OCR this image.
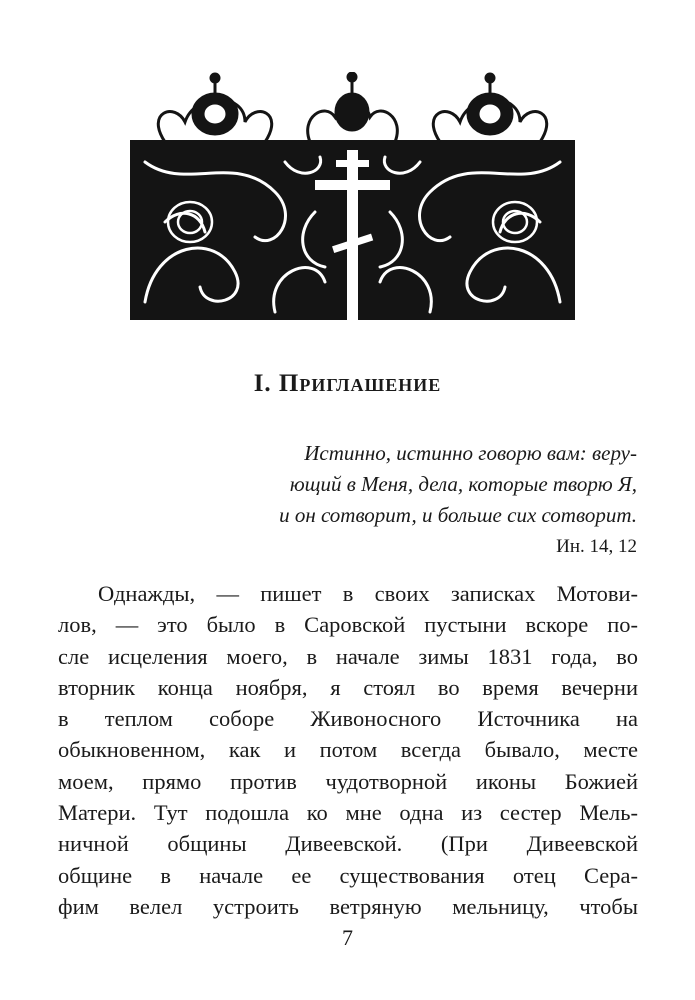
I. Приглашение
Истинно, истинно говорю вам: веру-
ющий в Меня, дела, которые творю Я,
и он сотворит, и больше сих сотворит.
Ин. 14, 12
Однажды, — пишет в своих записках Мотови-
лов, — это было в Саровской пустыни вскоре по-
сле исцеления моего, в начале зимы 1831 года, во
вторник конца ноября, я стоял во время вечерни
в теплом соборе Живоносного Источника на
обыкновенном, как и потом всегда бывало, месте
моем, прямо против чудотворной иконы Божией
Матери. Тут подошла ко мне одна из сестер Мель-
ничной общины Дивеевской. (При Дивеевской
общине в начале ее существования отец Сера-
фим велел устроить ветряную мельницу, чтобы
7
